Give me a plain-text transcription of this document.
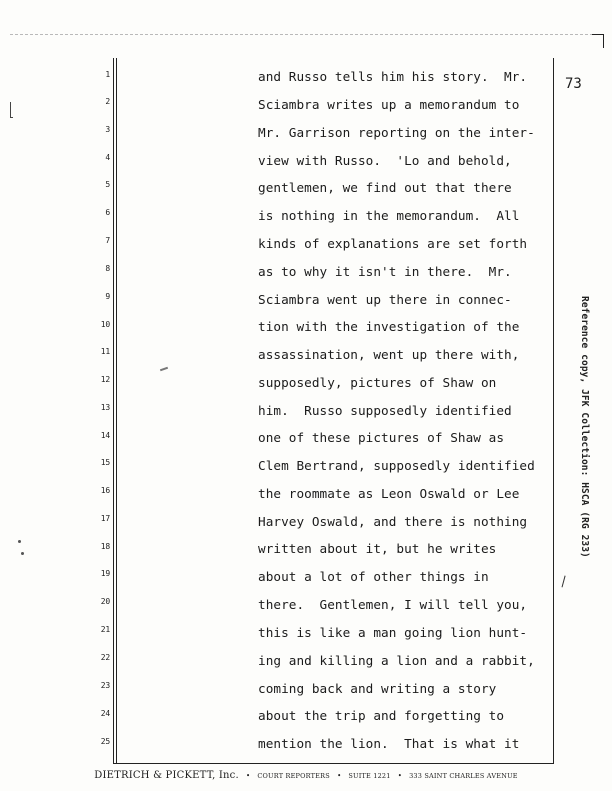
1
2
3
4
5
6
7
8
9
10
11
12
13
14
15
16
17
18
19
20
21
22
23
24
25
73
and Russo tells him his story.  Mr.
Sciambra writes up a memorandum to
Mr. Garrison reporting on the inter-
view with Russo.  'Lo and behold,
gentlemen, we find out that there
is nothing in the memorandum.  All
kinds of explanations are set forth
as to why it isn't in there.  Mr.
Sciambra went up there in connec-
tion with the investigation of the
assassination, went up there with,
supposedly, pictures of Shaw on
him.  Russo supposedly identified
one of these pictures of Shaw as
Clem Bertrand, supposedly identified
the roommate as Leon Oswald or Lee
Harvey Oswald, and there is nothing
written about it, but he writes
about a lot of other things in
there.  Gentlemen, I will tell you,
this is like a man going lion hunt-
ing and killing a lion and a rabbit,
coming back and writing a story
about the trip and forgetting to
mention the lion.  That is what it
Reference copy, JFK Collection: HSCA (RG 233)
DIETRICH & PICKETT, Inc. • COURT REPORTERS • SUITE 1221 • 333 SAINT CHARLES AVENUE
